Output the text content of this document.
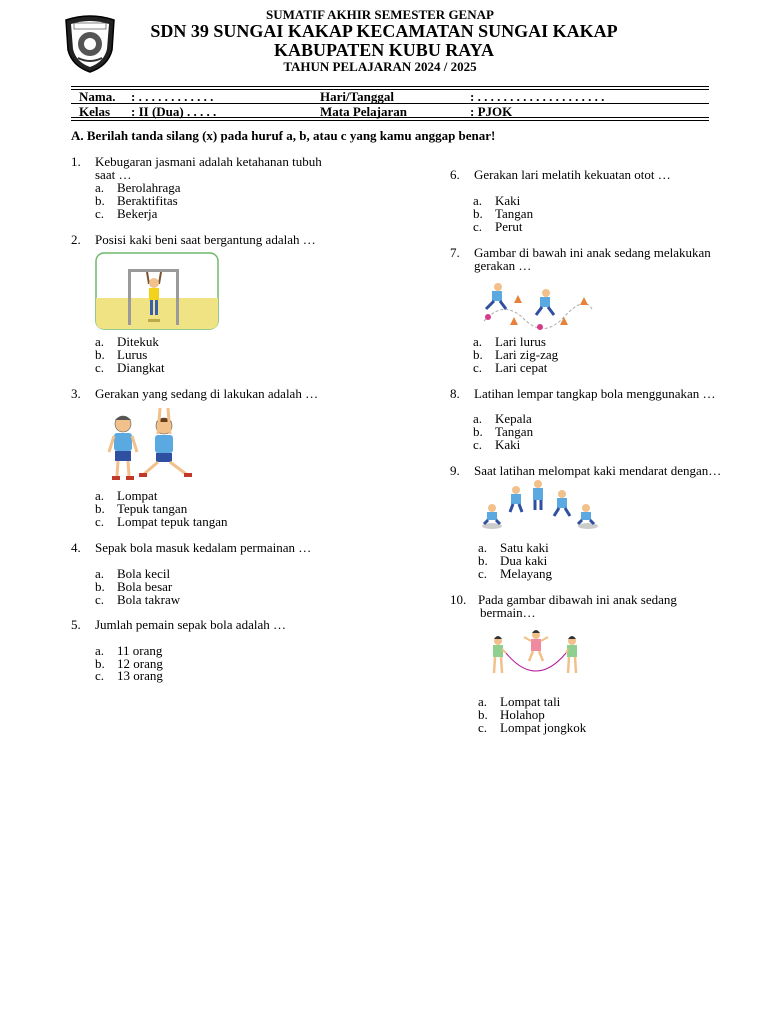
SUMATIF AKHIR SEMESTER GENAP
SDN 39 SUNGAI KAKAP KECAMATAN SUNGAI KAKAP
KABUPATEN KUBU RAYA
TAHUN PELAJARAN 2024 / 2025
Nama. : . . . . . . . . . . . .	Hari/Tanggal	: . . . . . . . . . . . . . . . . . . . .
Kelas : II (Dua) . . . . .	Mata Pelajaran	: PJOK
A. Berilah tanda silang (x) pada huruf a, b, atau c yang kamu anggap benar!
1. Kebugaran jasmani adalah ketahanan tubuh
saat …
a. Berolahraga
b. Beraktifitas
c. Bekerja
2. Posisi kaki beni saat bergantung adalah …
a. Ditekuk
b. Lurus
c. Diangkat
3. Gerakan yang sedang di lakukan adalah …
a. Lompat
b. Tepuk tangan
c. Lompat tepuk tangan
4. Sepak bola masuk kedalam permainan …
a. Bola kecil
b. Bola besar
c. Bola takraw
5. Jumlah pemain sepak bola adalah …
a. 11 orang
b. 12 orang
c. 13 orang
6. Gerakan lari melatih kekuatan otot …
a. Kaki
b. Tangan
c. Perut
7. Gambar di bawah ini anak sedang melakukan
gerakan …
a. Lari lurus
b. Lari zig-zag
c. Lari cepat
8. Latihan lempar tangkap bola menggunakan …
a. Kepala
b. Tangan
c. Kaki
9. Saat latihan melompat kaki mendarat dengan…
a. Satu kaki
b. Dua kaki
c. Melayang
10. Pada gambar dibawah ini anak sedang
bermain…
a. Lompat tali
b. Holahop
c. Lompat jongkok
